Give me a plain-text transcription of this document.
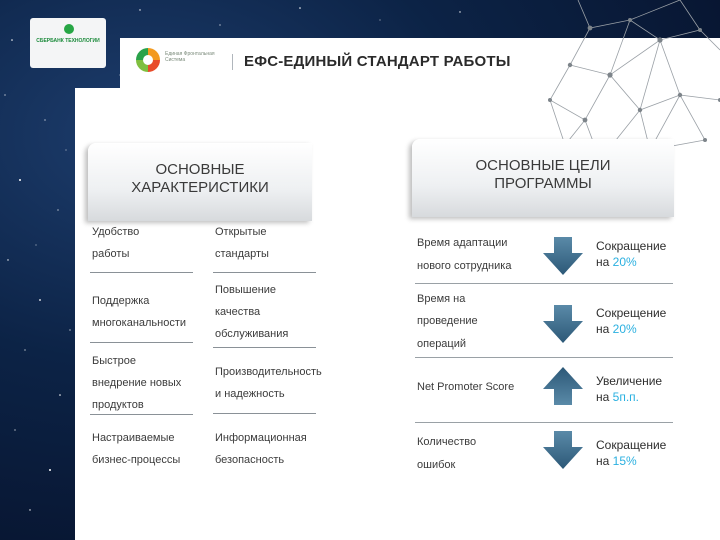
СБЕРБАНК ТЕХНОЛОГИИ
Единая Фронтальная Система	ЕФС-ЕДИНЫЙ СТАНДАРТ РАБОТЫ
ОСНОВНЫЕ
ХАРАКТЕРИСТИКИ
Удобство
работы
Поддержка
многоканальности
Быстрое
внедрение новых
продуктов
Настраиваемые
бизнес-процессы
Открытые
стандарты
Повышение
качества
обслуживания
Производительность
и надежность
Информационная
безопасность
ОСНОВНЫЕ ЦЕЛИ
ПРОГРАММЫ
Время адаптации
нового сотрудника
Сокращение
на 20%
Время на
проведение
операций
Сокрещение
на 20%
Net Promoter Score	Увеличение
на 5п.п.
Количество
ошибок
Сокращение
на 15%
